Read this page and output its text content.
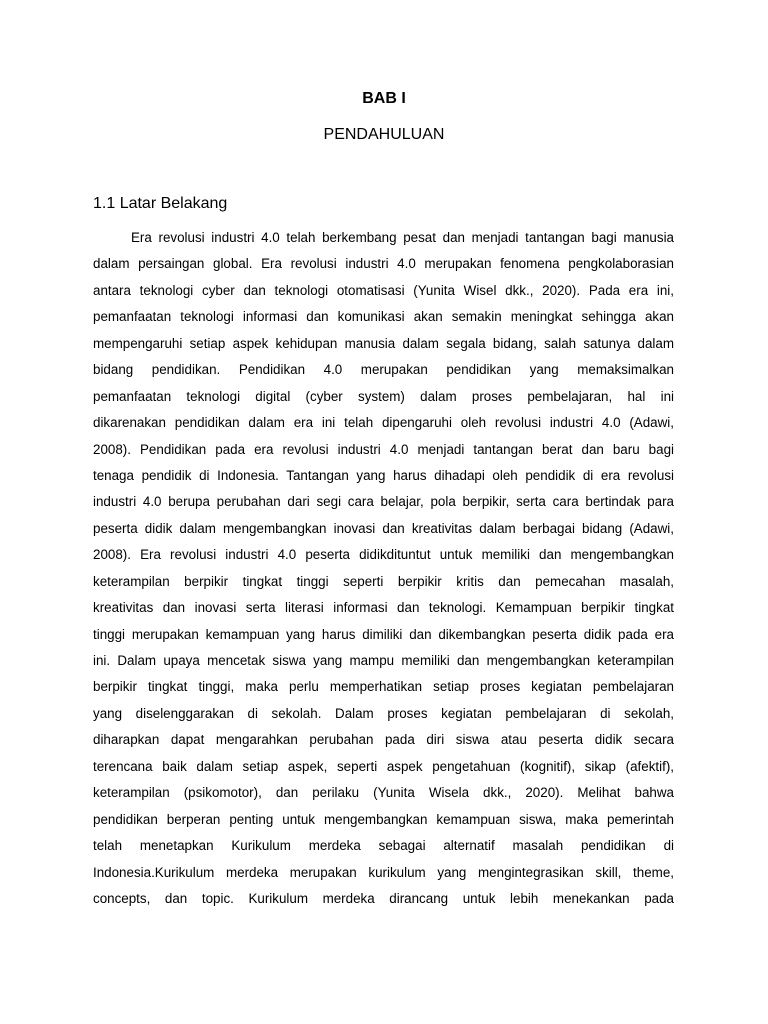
BAB I
PENDAHULUAN
1.1 Latar Belakang
Era revolusi industri 4.0 telah berkembang pesat dan menjadi tantangan bagi manusia
dalam persaingan global. Era revolusi industri 4.0 merupakan fenomena pengkolaborasian
antara teknologi cyber dan teknologi otomatisasi (Yunita Wisel dkk., 2020). Pada era ini,
pemanfaatan teknologi informasi dan komunikasi akan semakin meningkat sehingga akan
mempengaruhi setiap aspek kehidupan manusia dalam segala bidang, salah satunya dalam
bidang pendidikan. Pendidikan 4.0 merupakan pendidikan yang memaksimalkan
pemanfaatan teknologi digital (cyber system) dalam proses pembelajaran, hal ini
dikarenakan pendidikan dalam era ini telah dipengaruhi oleh revolusi industri 4.0 (Adawi,
2008). Pendidikan pada era revolusi industri 4.0 menjadi tantangan berat dan baru bagi
tenaga pendidik di Indonesia. Tantangan yang harus dihadapi oleh pendidik di era revolusi
industri 4.0 berupa perubahan dari segi cara belajar, pola berpikir, serta cara bertindak para
peserta didik dalam mengembangkan inovasi dan kreativitas dalam berbagai bidang (Adawi,
2008). Era revolusi industri 4.0 peserta didikdituntut untuk memiliki dan mengembangkan
keterampilan berpikir tingkat tinggi seperti berpikir kritis dan pemecahan masalah,
kreativitas dan inovasi serta literasi informasi dan teknologi. Kemampuan berpikir tingkat
tinggi merupakan kemampuan yang harus dimiliki dan dikembangkan peserta didik pada era
ini. Dalam upaya mencetak siswa yang mampu memiliki dan mengembangkan keterampilan
berpikir tingkat tinggi, maka perlu memperhatikan setiap proses kegiatan pembelajaran
yang diselenggarakan di sekolah. Dalam proses kegiatan pembelajaran di sekolah,
diharapkan dapat mengarahkan perubahan pada diri siswa atau peserta didik secara
terencana baik dalam setiap aspek, seperti aspek pengetahuan (kognitif), sikap (afektif),
keterampilan (psikomotor), dan perilaku (Yunita Wisela dkk., 2020). Melihat bahwa
pendidikan berperan penting untuk mengembangkan kemampuan siswa, maka pemerintah
telah menetapkan Kurikulum merdeka sebagai alternatif masalah pendidikan di
Indonesia.Kurikulum merdeka merupakan kurikulum yang mengintegrasikan skill, theme,
concepts, dan topic. Kurikulum merdeka dirancang untuk lebih menekankan pada
